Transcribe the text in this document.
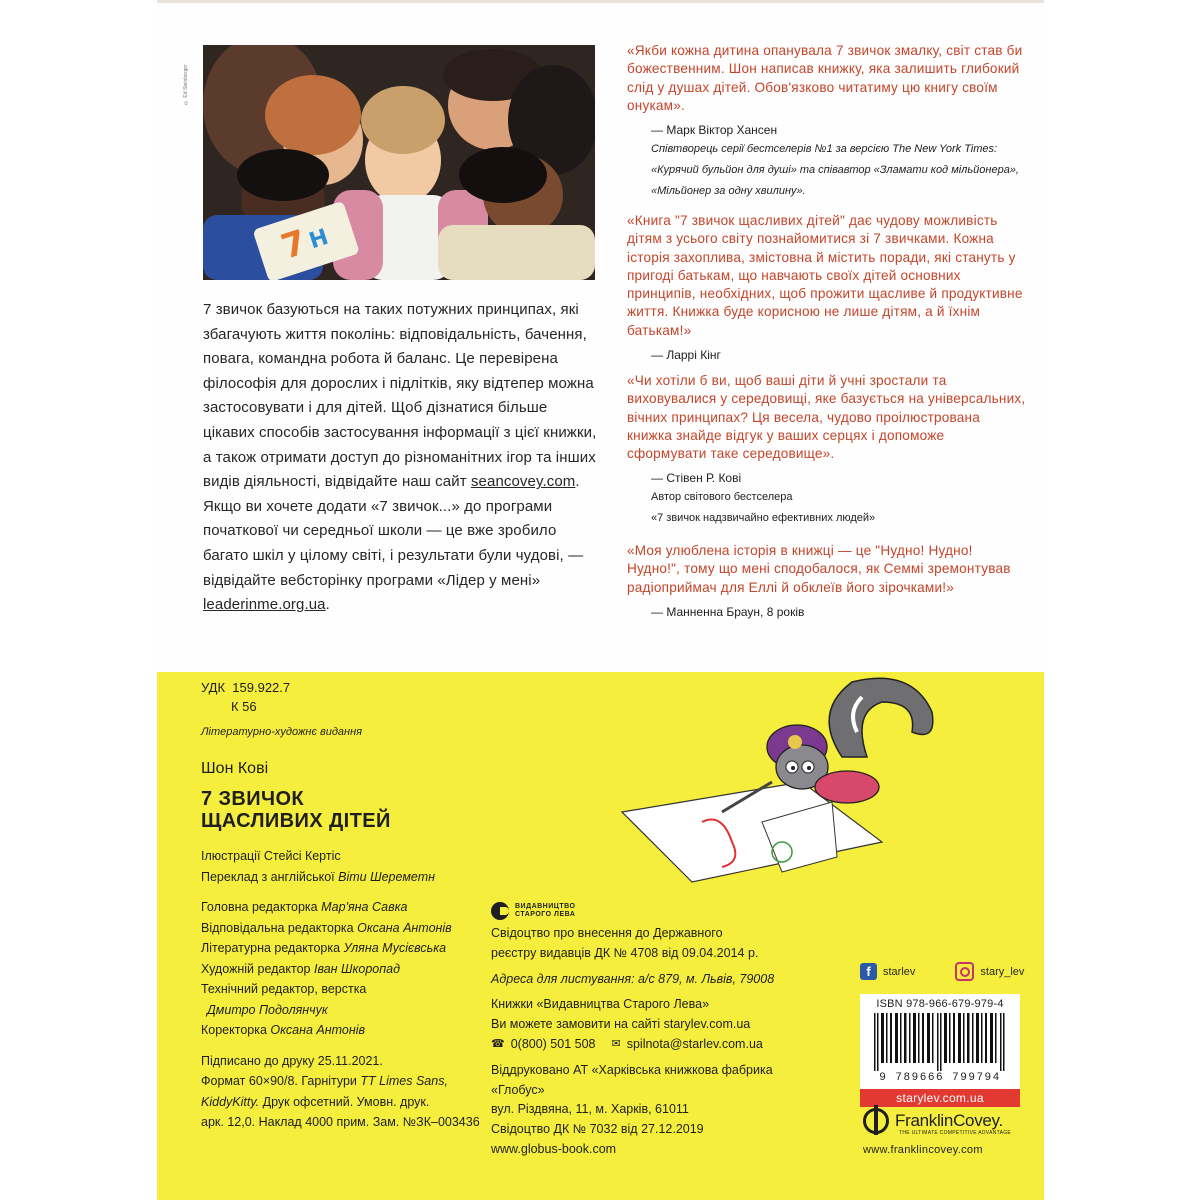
© Ed Steinberger
7
H

7 звичок базуються на таких потужних принципах, які збагачують життя поколінь: відповідальність, бачення, повага, командна робота й баланс. Це перевірена філософія для дорослих і підлітків, яку відтепер можна застосовувати і для дітей. Щоб дізнатися більше цікавих способів застосування інформації з цієї книжки, а також отримати доступ до різноманітних ігор та інших видів діяльності, відвідайте наш сайт seancovey.com. Якщо ви хочете додати «7 звичок...» до програми початкової чи середньої школи — це вже зробило багато шкіл у цілому світі, і результати були чудові, — відвідайте вебсторінку програми «Лідер у мені» leaderinme.org.ua.

«Якби кожна дитина опанувала 7 звичок змалку, світ став би божественним. Шон написав книжку, яка залишить глибокий слід у душах дітей. Обов'язково читатиму цю книгу своїм онукам».
— Марк Віктор Хансен
Співтворець серії бестселерів №1 за версією The New York Times: «Курячий бульйон для душі» та співавтор «Зламати код мільйонера», «Мільйонер за одну хвилину».
«Книга "7 звичок щасливих дітей" дає чудову можливість дітям з усього світу познайомитися зі 7 звичками. Кожна історія захоплива, змістовна й містить поради, які стануть у пригоді батькам, що навчають своїх дітей основних принципів, необхідних, щоб прожити щасливе й продуктивне життя. Книжка буде корисною не лише дітям, а й їхнім батькам!»
— Ларрі Кінг
«Чи хотіли б ви, щоб ваші діти й учні зростали та виховувалися у середовищі, яке базується на універсальних, вічних принципах? Ця весела, чудово проілюстрована книжка знайде відгук у ваших серцях і допоможе сформувати таке середовище».
— Стівен Р. Кові
Автор світового бестселера
«7 звичок надзвичайно ефективних людей»
«Моя улюблена історія в книжці — це "Нудно! Нудно! Нудно!", тому що мені сподобалося, як Семмі зремонтував радіоприймач для Еллі й обклеїв його зірочками!»
— Манненна Браун, 8 років
УДК
159.922.7
К 56
Літературно-художнє видання
Шон Кові
7 ЗВИЧОК
ЩАСЛИВИХ ДІТЕЙ
Ілюстрації Стейсі Кертіс
Переклад з англійської Віти Шереметн
Головна редакторка Мар'яна Савка
Відповідальна редакторка Оксана Антонів
Літературна редакторка Уляна Мусієвська
Художній редактор Іван Шкоропад
Технічний редактор, верстка
Дмитро Подолянчук
Коректорка Оксана Антонів
Підписано до друку 25.11.2021.
Формат 60×90/8. Гарнітури TT Limes Sans,
KiddyKitty. Друк офсетний. Умовн. друк.
арк. 12,0. Наклад 4000 прим. Зам. №ЗК–003436
ВИДАВНИЦТВО
СТАРОГО ЛЕВА
Свідоцтво про внесення до Державного
реєстру видавців ДК № 4708 від 09.04.2014 р.
Адреса для листування: а/с 879, м. Львів, 79008
Книжки «Видавництва Старого Лева»
Ви можете замовити на сайті starylev.com.ua
☎ 0(800) 501 508 ✉ spilnota@starlev.com.ua
Віддруковано АТ «Харківська книжкова фабрика «Глобус»
вул. Різдвяна, 11, м. Харків, 61011
Свідоцтво ДК № 7032 від 27.12.2019
www.globus-book.com
f	starlev	stary_lev
ISBN 978-966-679-979-4
9 789666 799794
starylev.com.ua
FranklinCovey.
THE ULTIMATE COMPETITIVE ADVANTAGE
www.franklincovey.com
